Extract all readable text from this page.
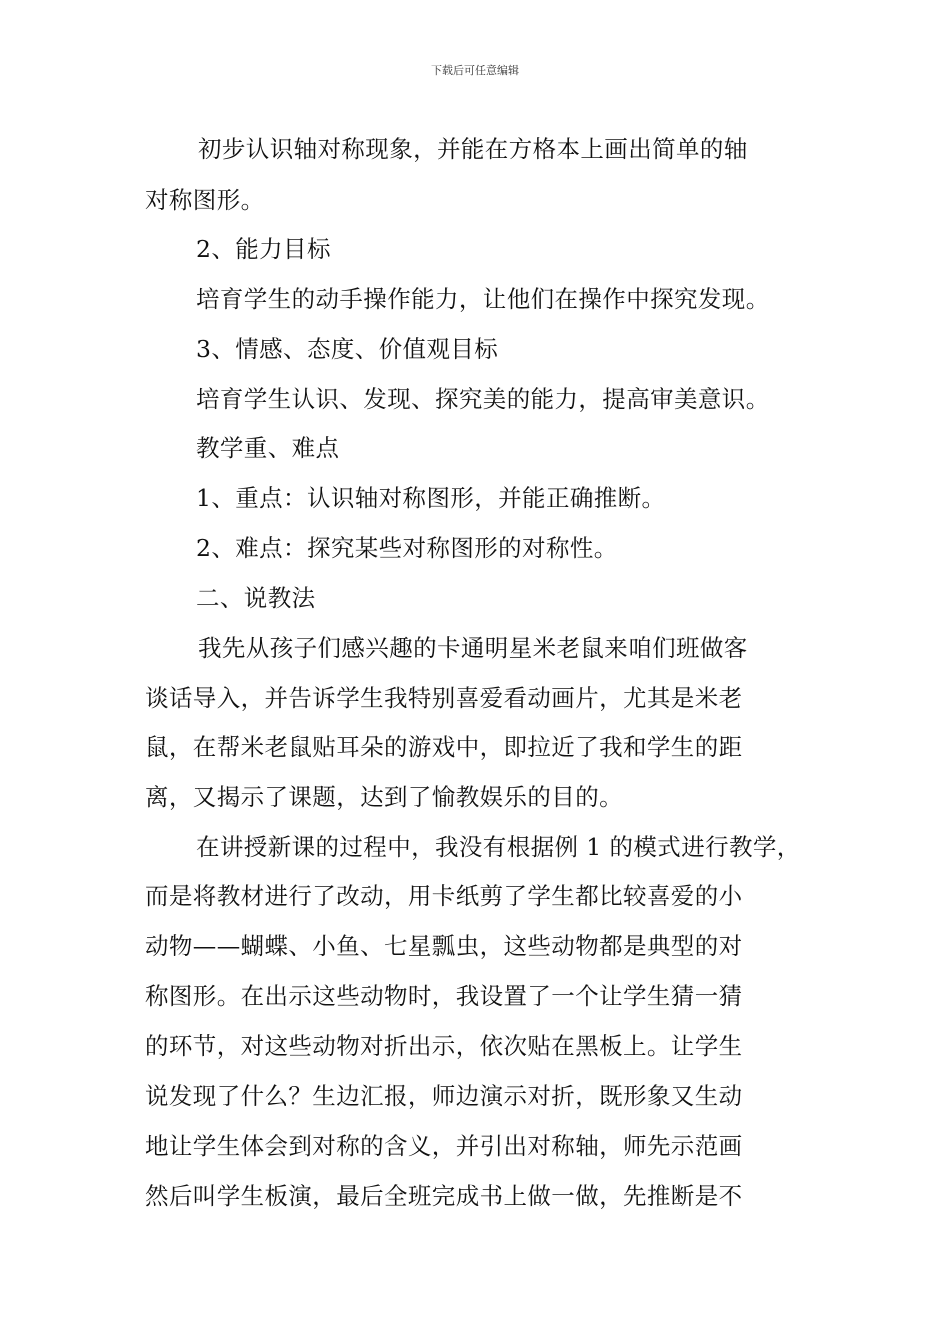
下载后可任意编辑
初步认识轴对称现象，并能在方格本上画出简单的轴
对称图形。
2、能力目标
培育学生的动手操作能力，让他们在操作中探究发现。
3、情感、态度、价值观目标
培育学生认识、发现、探究美的能力，提高审美意识。
教学重、难点
1、重点：认识轴对称图形，并能正确推断。
2、难点：探究某些对称图形的对称性。
二、说教法
我先从孩子们感兴趣的卡通明星米老鼠来咱们班做客
谈话导入，并告诉学生我特别喜爱看动画片，尤其是米老
鼠，在帮米老鼠贴耳朵的游戏中，即拉近了我和学生的距
离，又揭示了课题，达到了愉教娱乐的目的。
在讲授新课的过程中，我没有根据例 1 的模式进行教学，
而是将教材进行了改动，用卡纸剪了学生都比较喜爱的小
动物——蝴蝶、小鱼、七星瓢虫，这些动物都是典型的对
称图形。在出示这些动物时，我设置了一个让学生猜一猜
的环节，对这些动物对折出示，依次贴在黑板上。让学生
说发现了什么？生边汇报，师边演示对折，既形象又生动
地让学生体会到对称的含义，并引出对称轴，师先示范画
然后叫学生板演，最后全班完成书上做一做，先推断是不
